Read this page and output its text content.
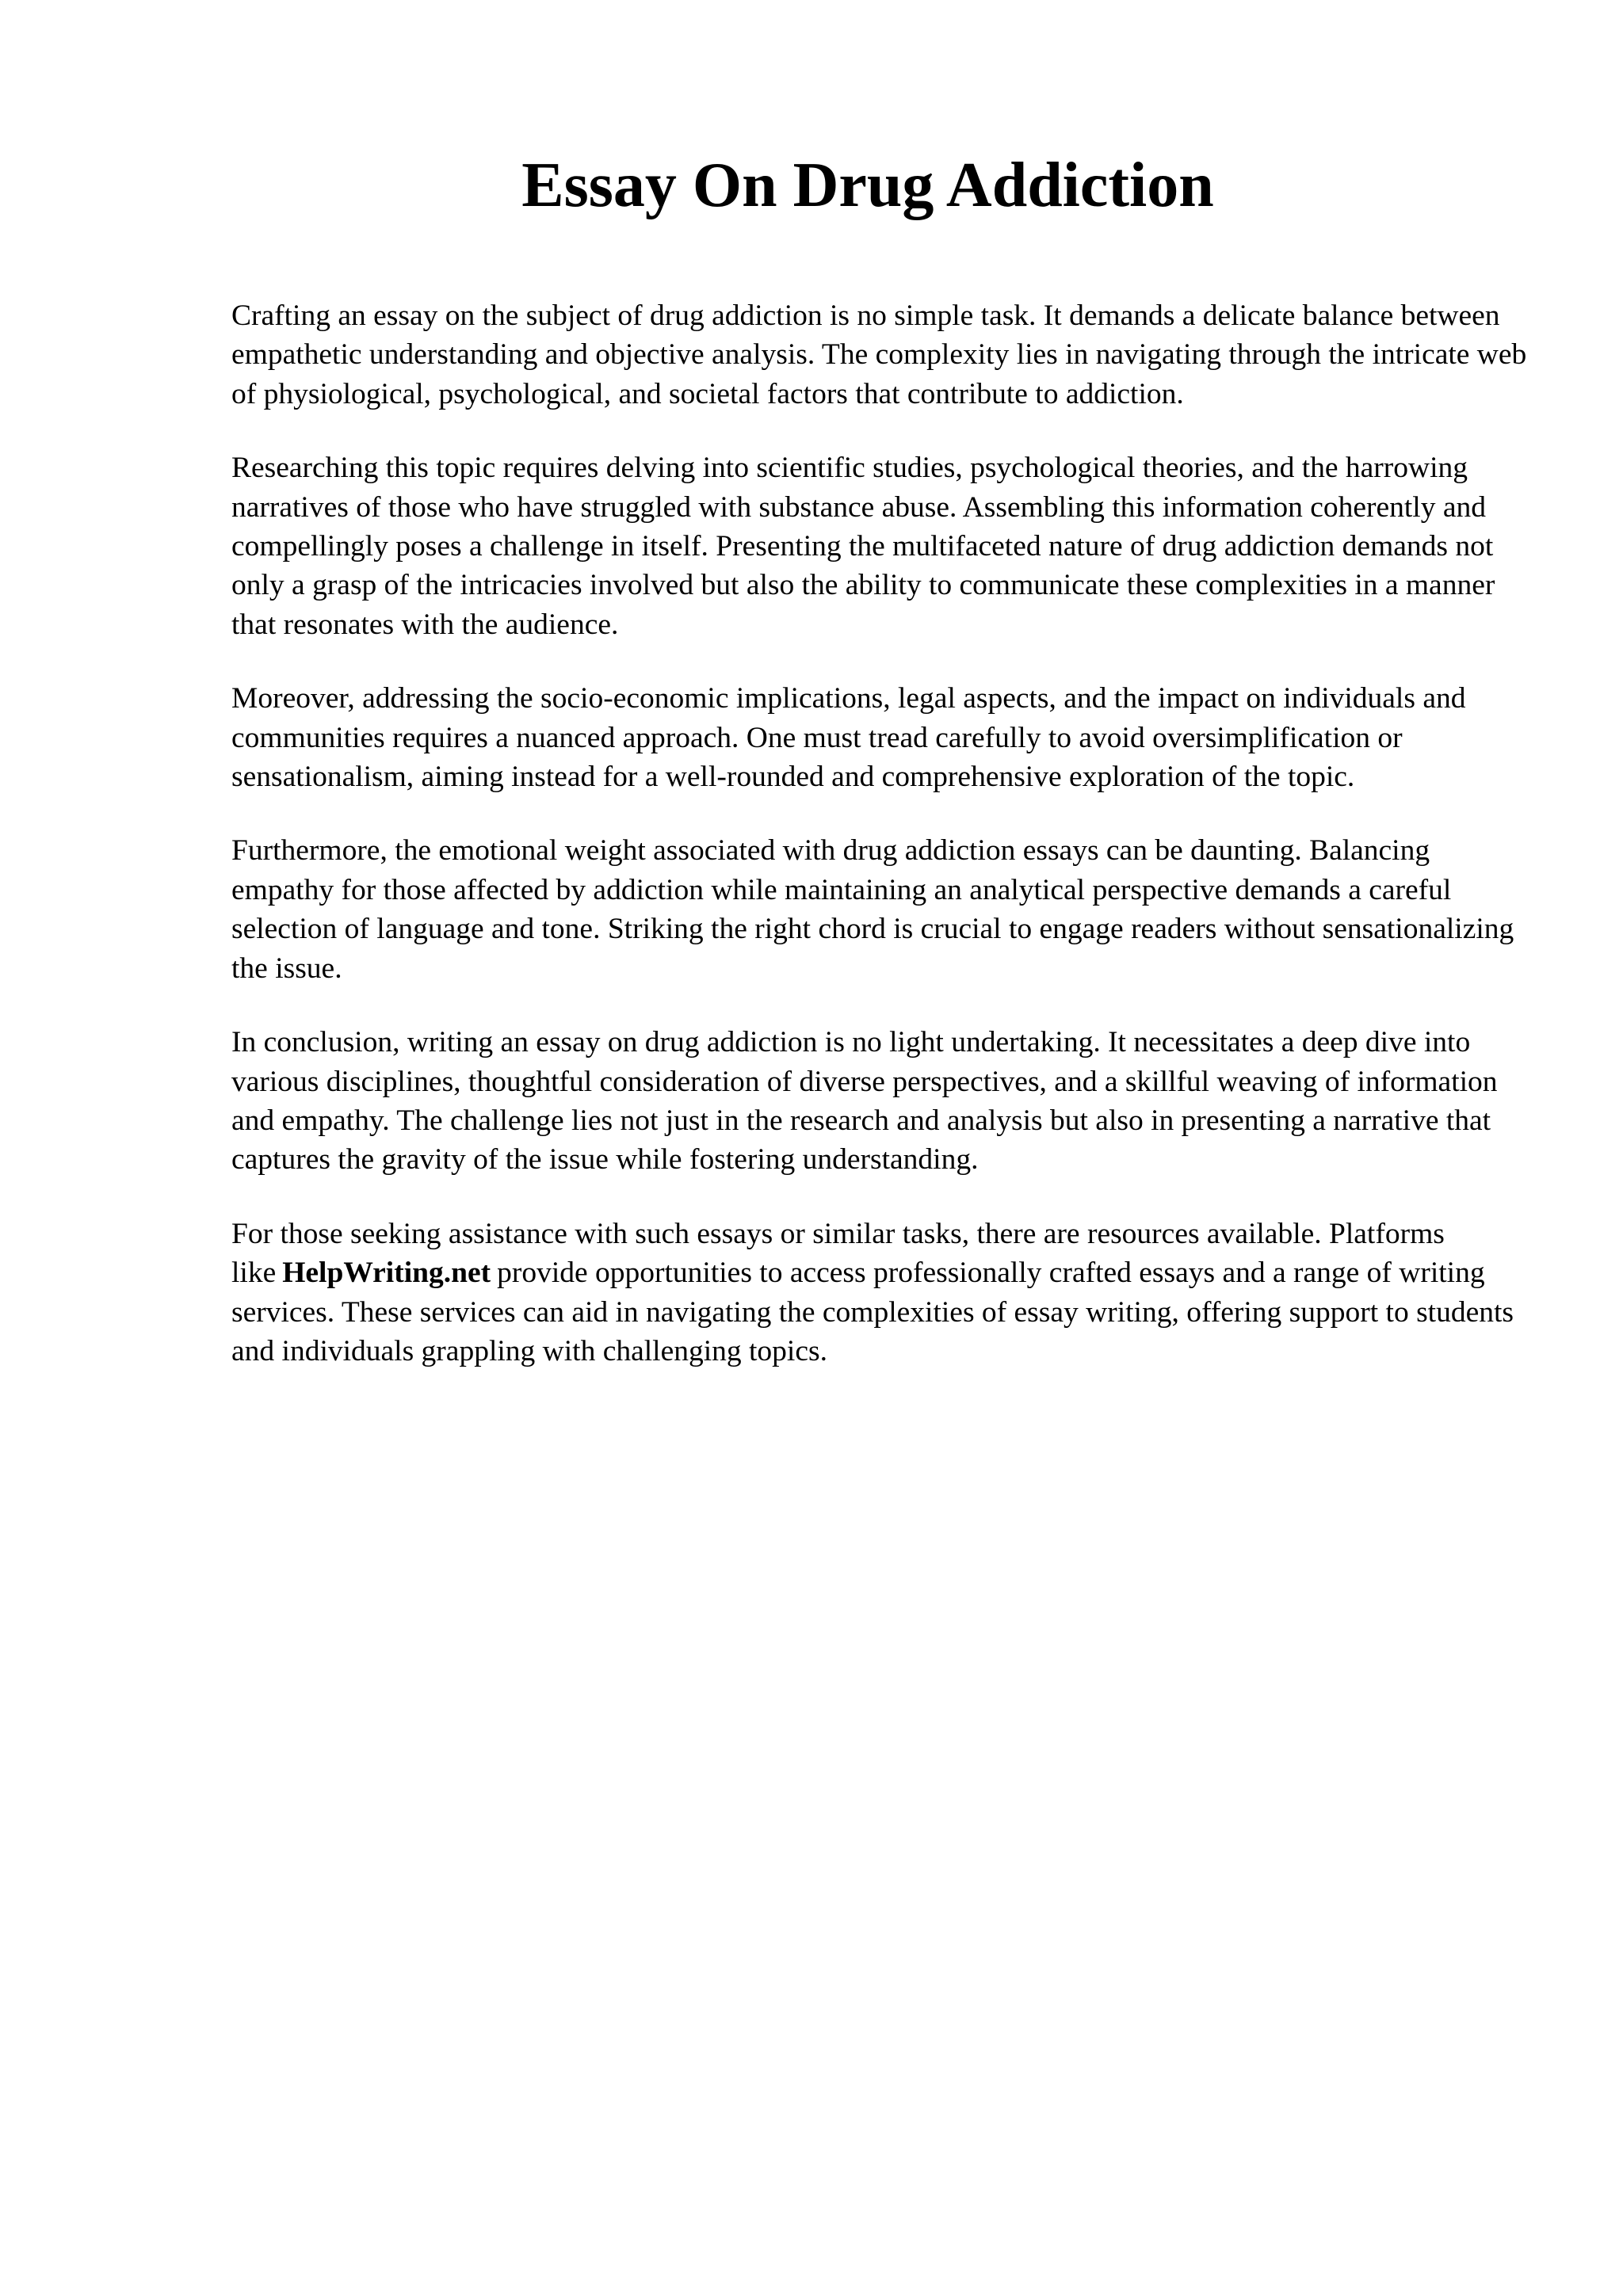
Essay On Drug Addiction

Crafting an essay on the subject of drug addiction is no simple task. It demands a delicate balance between empathetic understanding and objective analysis. The complexity lies in navigating through the intricate web of physiological, psychological, and societal factors that contribute to addiction.

Researching this topic requires delving into scientific studies, psychological theories, and the harrowing narratives of those who have struggled with substance abuse. Assembling this information coherently and compellingly poses a challenge in itself. Presenting the multifaceted nature of drug addiction demands not only a grasp of the intricacies involved but also the ability to communicate these complexities in a manner that resonates with the audience.

Moreover, addressing the socio-economic implications, legal aspects, and the impact on individuals and communities requires a nuanced approach. One must tread carefully to avoid oversimplification or sensationalism, aiming instead for a well-rounded and comprehensive exploration of the topic.

Furthermore, the emotional weight associated with drug addiction essays can be daunting. Balancing empathy for those affected by addiction while maintaining an analytical perspective demands a careful selection of language and tone. Striking the right chord is crucial to engage readers without sensationalizing the issue.

In conclusion, writing an essay on drug addiction is no light undertaking. It necessitates a deep dive into various disciplines, thoughtful consideration of diverse perspectives, and a skillful weaving of information and empathy. The challenge lies not just in the research and analysis but also in presenting a narrative that captures the gravity of the issue while fostering understanding.

For those seeking assistance with such essays or similar tasks, there are resources available. Platforms like HelpWriting.net provide opportunities to access professionally crafted essays and a range of writing services. These services can aid in navigating the complexities of essay writing, offering support to students and individuals grappling with challenging topics.
